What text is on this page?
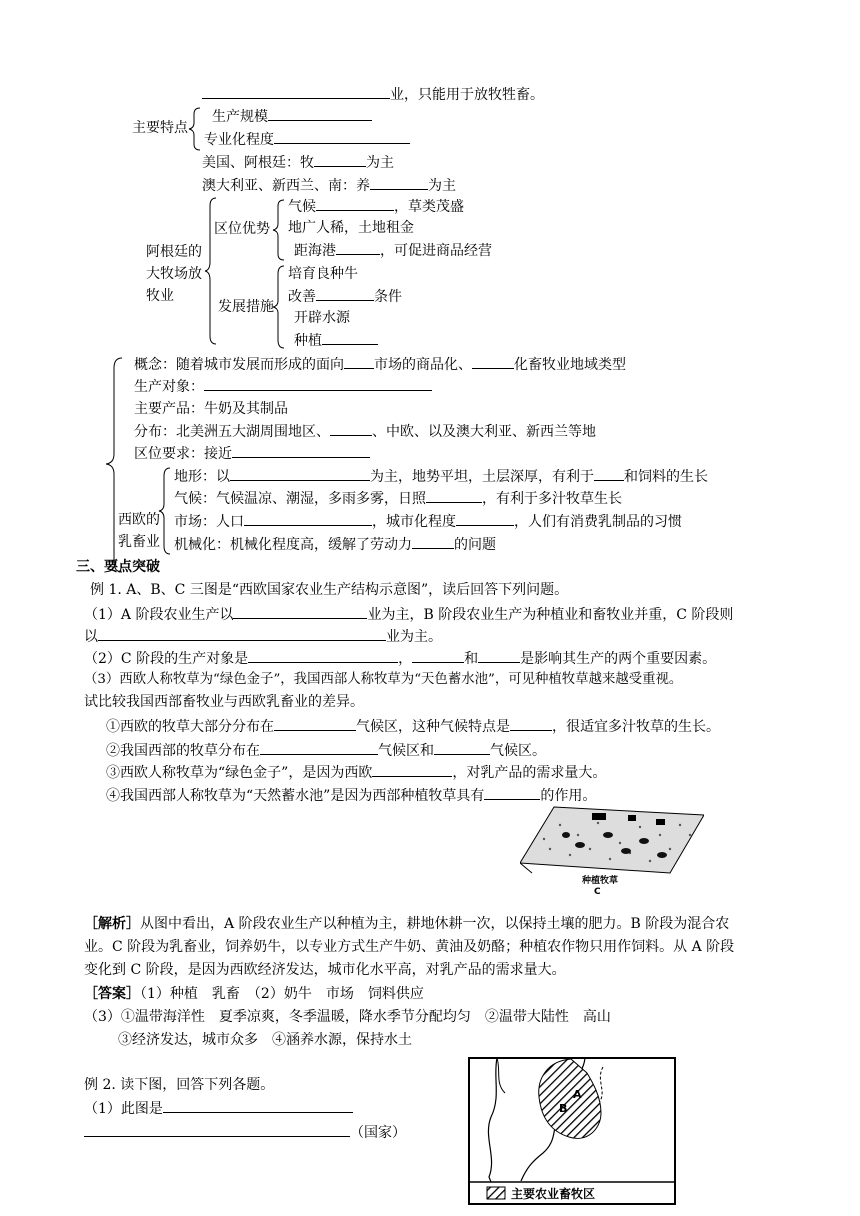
业，只能用于放牧牲畜。
主要特点
生产规模
专业化程度
美国、阿根廷：牧	为主
澳大利亚、新西兰、南：养	为主
阿根廷的
大牧场放
牧业
区位优势
气候	，草类茂盛
地广人稀，土地租金
距海港	，可促进商品经营
发展措施
培育良种牛
改善	条件
开辟水源
种植
概念：随着城市发展而形成的面向 市场的商品化、	化畜牧业地域类型
生产对象：
主要产品：牛奶及其制品
分布：北美洲五大湖周围地区、	、中欧、以及澳大利亚、新西兰等地
区位要求：接近
西欧的
乳畜业
地形：以	为主，地势平坦，土层深厚，有利于 和饲料的生长
气候：气候温凉、潮湿，多雨多雾，日照	，有利于多汁牧草生长
市场：人口	，城市化程度	，人们有消费乳制品的习惯
机械化：机械化程度高，缓解了劳动力	的问题
三、要点突破
例 1. A、B、C 三图是“西欧国家农业生产结构示意图”，读后回答下列问题。
（1）A 阶段农业生产以	业为主，B 阶段农业生产为种植业和畜牧业并重，C 阶段则
以	业为主。
（2）C 阶段的生产对象是	，	和	是影响其生产的两个重要因素。
（3）西欧人称牧草为“绿色金子”，我国西部人称牧草为“天色蓄水池”，可见种植牧草越来越受重视。
试比较我国西部畜牧业与西欧乳畜业的差异。
①西欧的牧草大部分分布在	气候区，这种气候特点是	，很适宜多汁牧草的生长。
②我国西部的牧草分布在	气候区和	气候区。
③西欧人称牧草为“绿色金子”，是因为西欧	，对乳产品的需求量大。
④我国西部人称牧草为“天然蓄水池”是因为西部种植牧草具有	的作用。
种植牧草
C
［解析］从图中看出，A 阶段农业生产以种植为主，耕地休耕一次，以保持土壤的肥力。B 阶段为混合农
业。C 阶段为乳畜业，饲养奶牛，以专业方式生产牛奶、黄油及奶酪；种植农作物只用作饲料。从 A 阶段
变化到 C 阶段，是因为西欧经济发达，城市化水平高，对乳产品的需求量大。
［答案］（1）种植　乳畜　（2）奶牛　市场　饲料供应
（3）①温带海洋性　夏季凉爽，冬季温暖，降水季节分配均匀　②温带大陆性　高山
③经济发达，城市众多　④涵养水源，保持水土
例 2. 读下图，回答下列各题。
（1）此图是
（国家）
A
B
主要农业畜牧区
